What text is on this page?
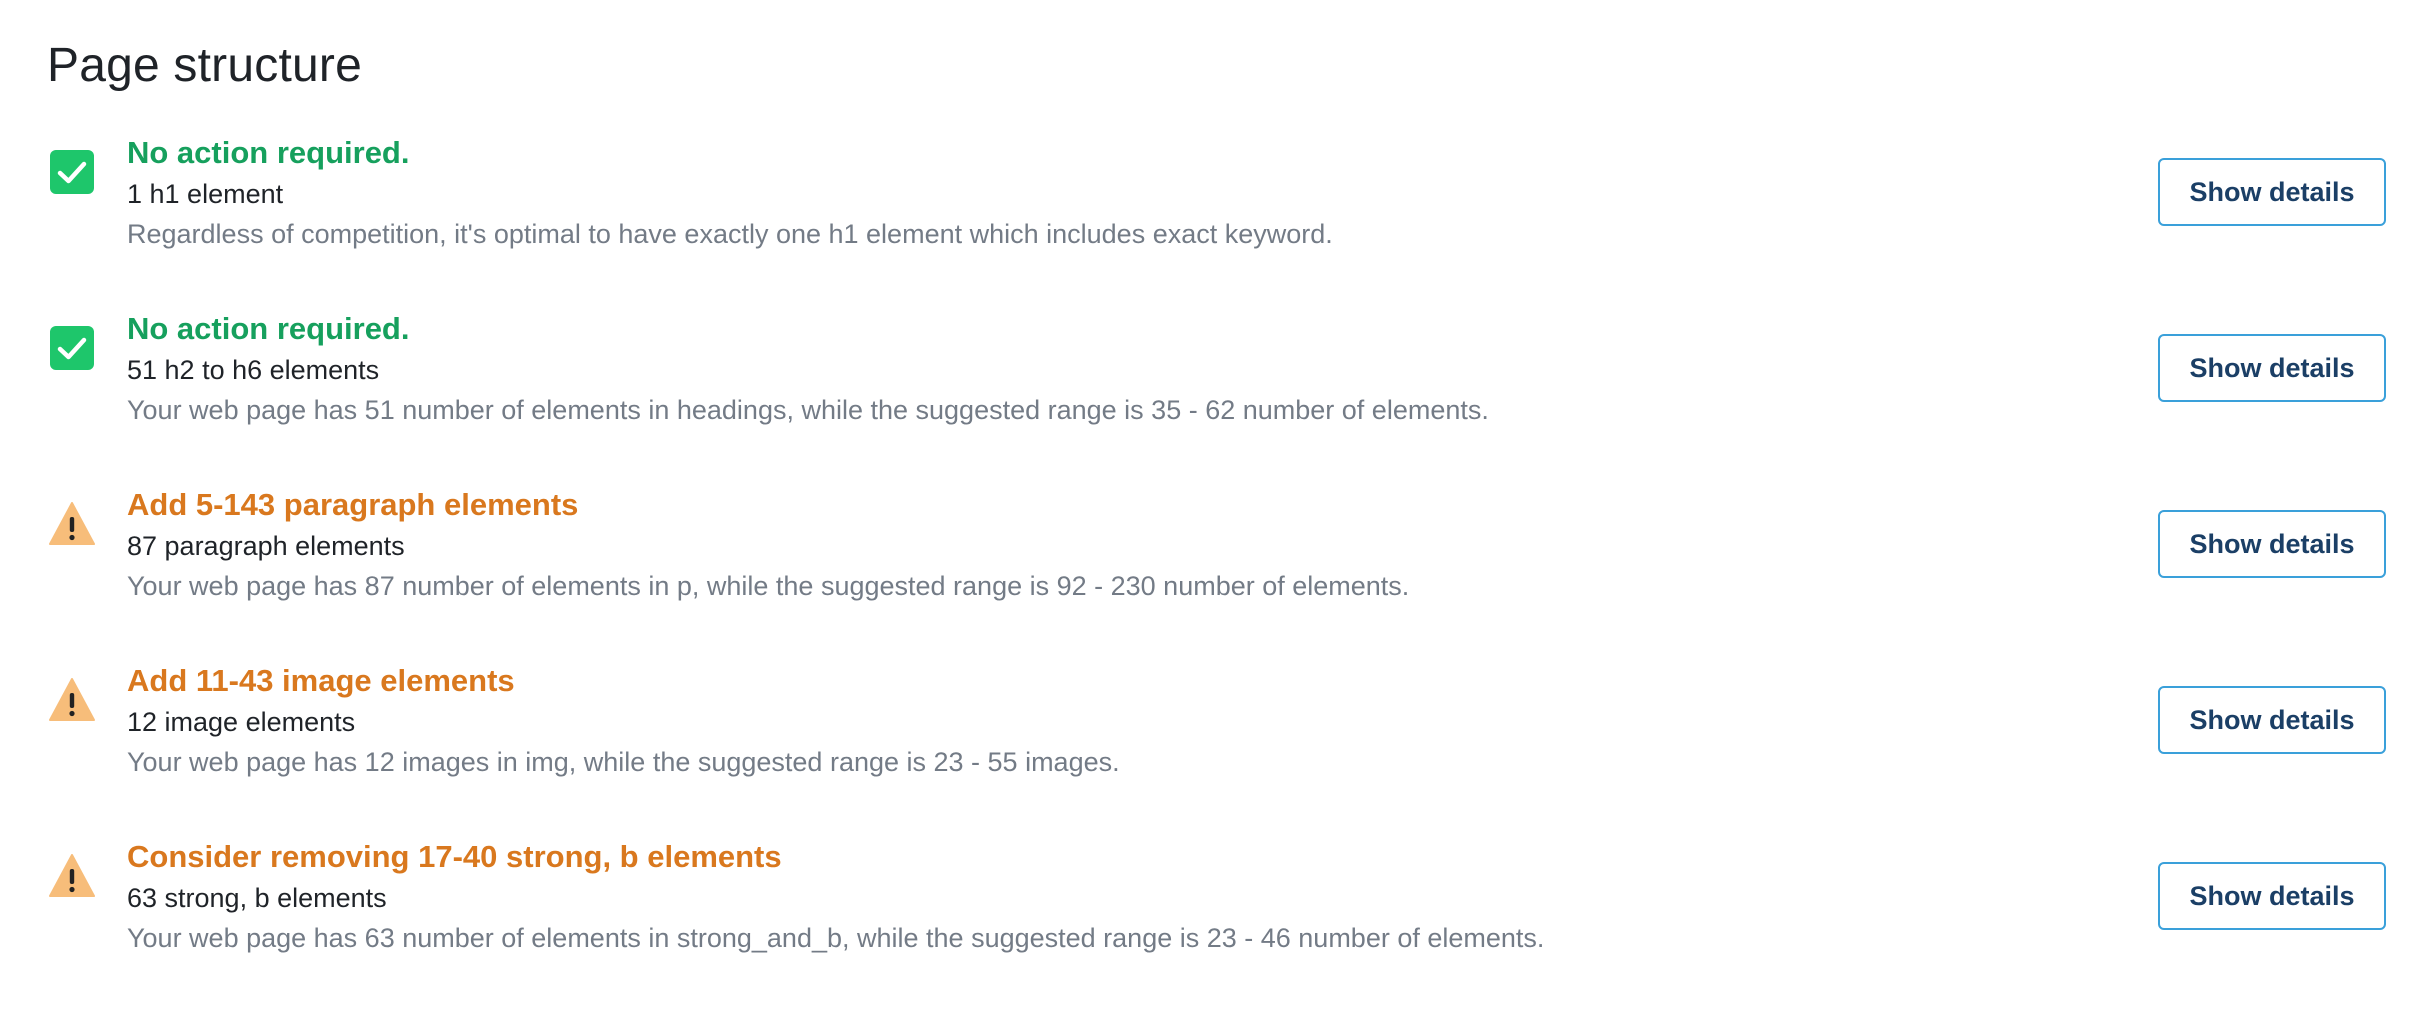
Page structure
No action required.
1 h1 element
Regardless of competition, it's optimal to have exactly one h1 element which includes exact keyword.
Show details
No action required.
51 h2 to h6 elements
Your web page has 51 number of elements in headings, while the suggested range is 35 - 62 number of elements.
Show details
Add 5-143 paragraph elements
87 paragraph elements
Your web page has 87 number of elements in p, while the suggested range is 92 - 230 number of elements.
Show details
Add 11-43 image elements
12 image elements
Your web page has 12 images in img, while the suggested range is 23 - 55 images.
Show details
Consider removing 17-40 strong, b elements
63 strong, b elements
Your web page has 63 number of elements in strong_and_b, while the suggested range is 23 - 46 number of elements.
Show details
